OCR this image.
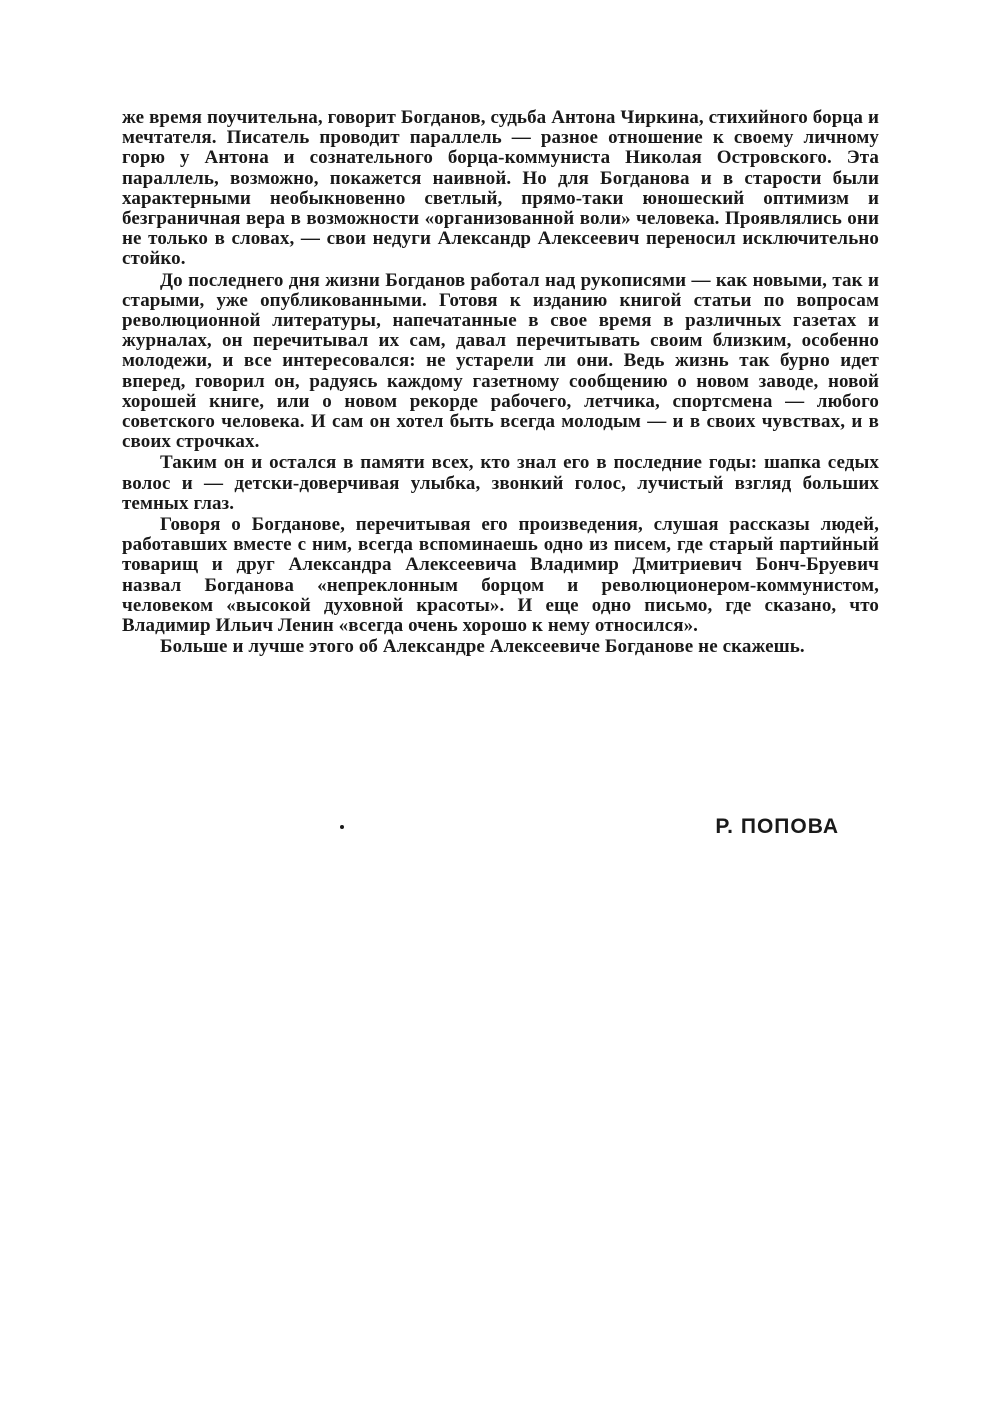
же время поучительна, говорит Богданов, судьба Антона Чиркина, стихийного борца и мечтателя. Писатель проводит параллель — разное отношение к своему личному горю у Антона и сознательного борца-коммуниста Николая Островского. Эта параллель, возможно, покажется наивной. Но для Богданова и в старости были характерными необыкновенно светлый, прямо-таки юношеский оптимизм и безграничная вера в возможности «организованной воли» человека. Проявлялись они не только в словах, — свои недуги Александр Алексеевич переносил исключительно стойко.

До последнего дня жизни Богданов работал над рукописями — как новыми, так и старыми, уже опубликованными. Готовя к изданию книгой статьи по вопросам революционной литературы, напечатанные в свое время в различных газетах и журналах, он перечитывал их сам, давал перечитывать своим близким, особенно молодежи, и все интересовался: не устарели ли они. Ведь жизнь так бурно идет вперед, говорил он, радуясь каждому газетному сообщению о новом заводе, новой хорошей книге, или о новом рекорде рабочего, летчика, спортсмена — любого советского человека. И сам он хотел быть всегда молодым — и в своих чувствах, и в своих строчках.

Таким он и остался в памяти всех, кто знал его в последние годы: шапка седых волос и — детски-доверчивая улыбка, звонкий голос, лучистый взгляд больших темных глаз.

Говоря о Богданове, перечитывая его произведения, слушая рассказы людей, работавших вместе с ним, всегда вспоминаешь одно из писем, где старый партийный товарищ и друг Александра Алексеевича Владимир Дмитриевич Бонч-Бруевич назвал Богданова «непреклонным борцом и революционером-коммунистом, человеком «высокой духовной красоты». И еще одно письмо, где сказано, что Владимир Ильич Ленин «всегда очень хорошо к нему относился».

Больше и лучше этого об Александре Алексеевиче Богданове не скажешь.

Р. ПОПОВА
